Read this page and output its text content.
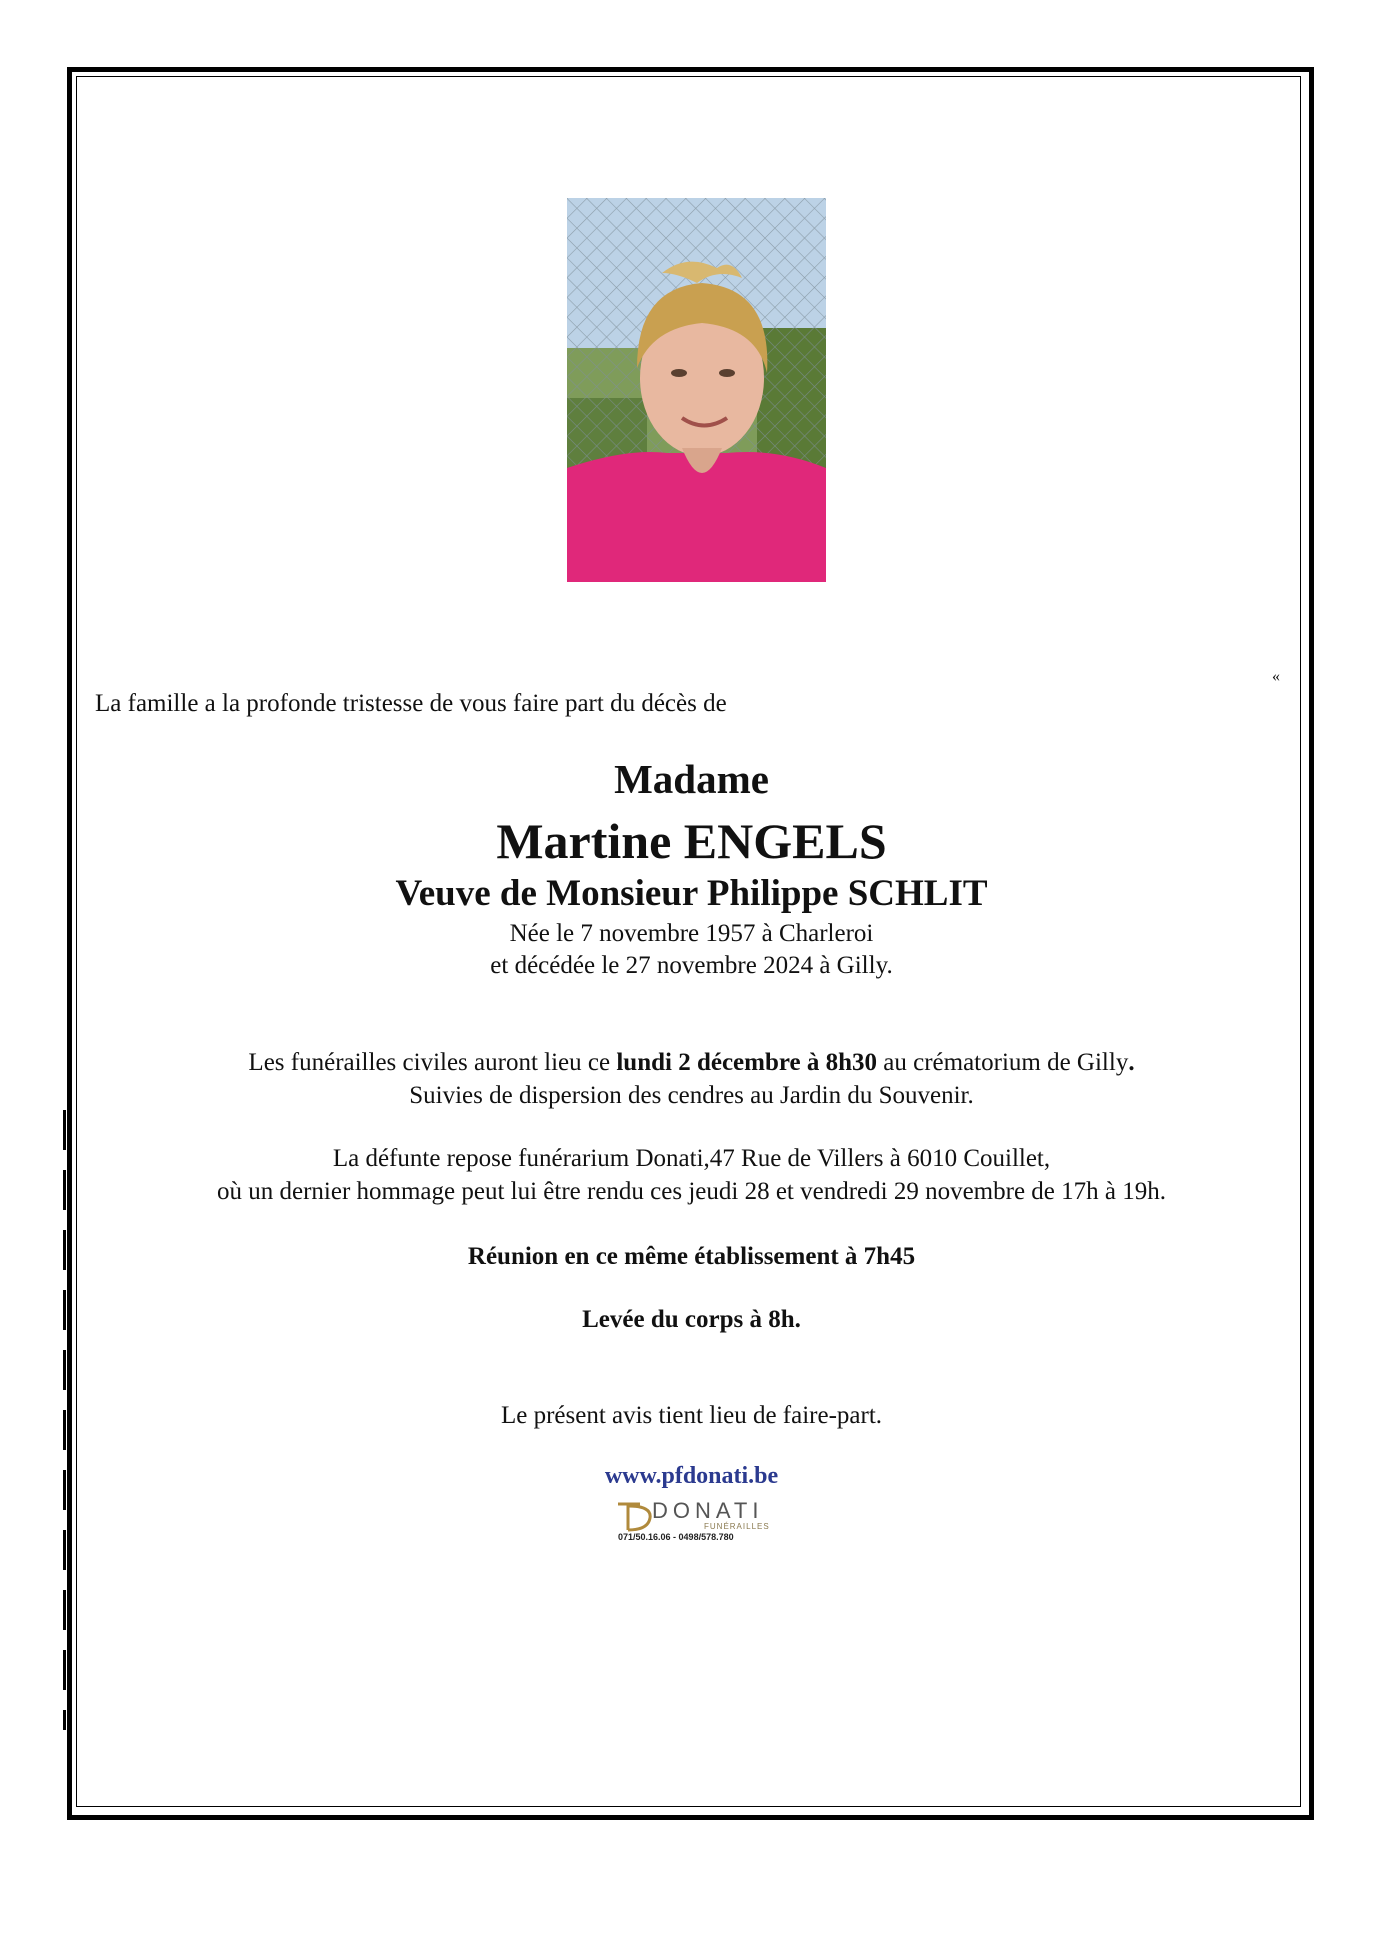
«
La famille a la profonde tristesse de vous faire part du décès de
Madame
Martine ENGELS
Veuve de Monsieur Philippe SCHLIT
Née le 7 novembre 1957 à Charleroi
et décédée le 27 novembre 2024 à Gilly.
Les funérailles civiles auront lieu ce lundi 2 décembre à 8h30 au crématorium de Gilly.
Suivies de dispersion des cendres au Jardin du Souvenir.
La défunte repose funérarium Donati,47 Rue de Villers à 6010 Couillet,
où un dernier hommage peut lui être rendu ces jeudi 28 et vendredi 29 novembre de 17h à 19h.
Réunion en ce même établissement à 7h45
Levée du corps à 8h.
Le présent avis tient lieu de faire-part.
www.pfdonati.be
DONATI
FUNÉRAILLES
071/50.16.06 - 0498/578.780
